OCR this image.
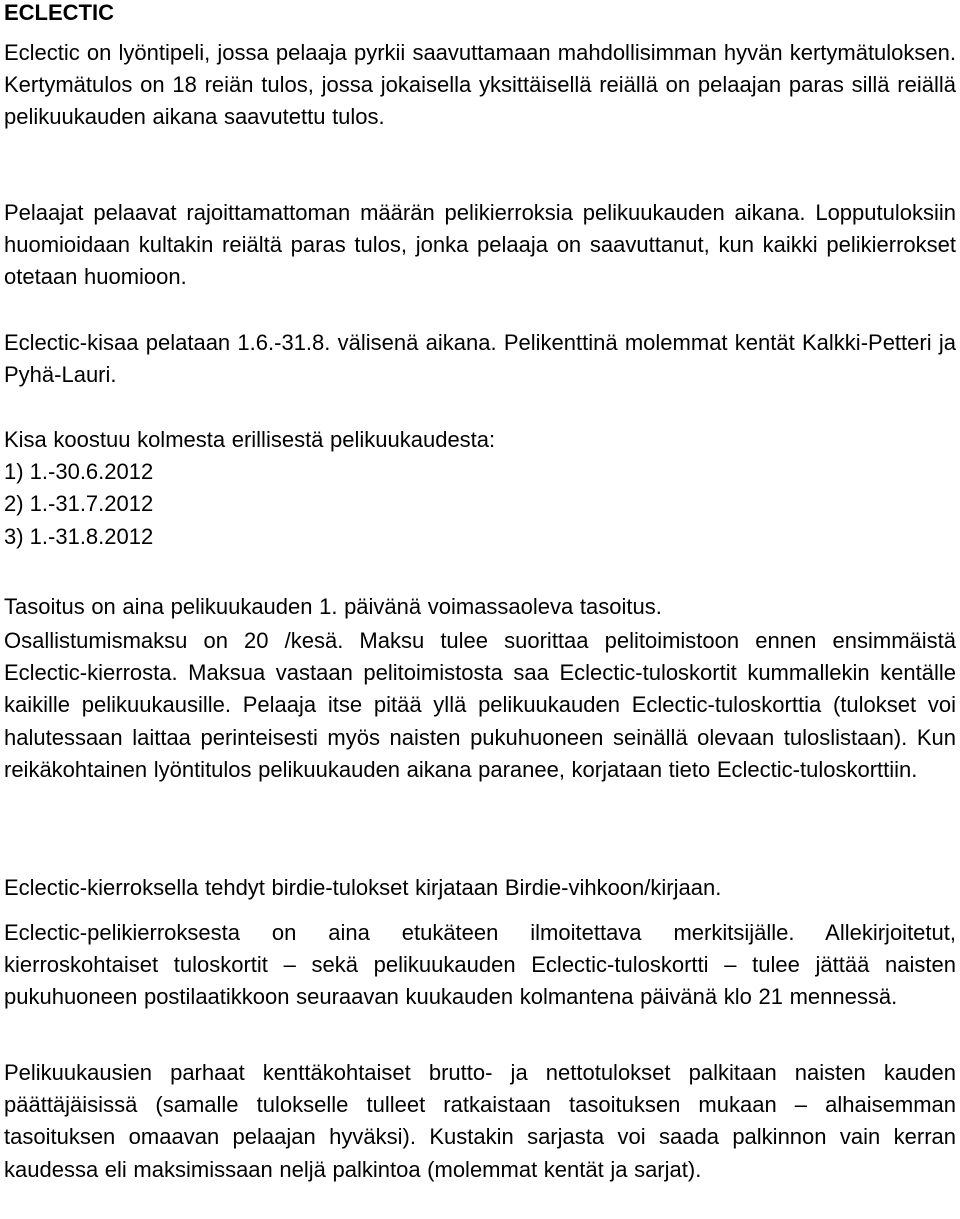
ECLECTIC

Eclectic on lyöntipeli, jossa pelaaja pyrkii saavuttamaan mahdollisimman hyvän kertymätuloksen. Kertymätulos on 18 reiän tulos, jossa jokaisella yksittäisellä reiällä on pelaajan paras sillä reiällä pelikuukauden aikana saavutettu tulos.

Pelaajat pelaavat rajoittamattoman määrän pelikierroksia pelikuukauden aikana. Lopputuloksiin huomioidaan kultakin reiältä paras tulos, jonka pelaaja on saavuttanut, kun kaikki pelikierrokset otetaan huomioon.

Eclectic-kisaa pelataan 1.6.-31.8. välisenä aikana. Pelikenttinä molemmat kentät Kalkki-Petteri ja Pyhä-Lauri.

Kisa koostuu kolmesta erillisestä pelikuukaudesta:

1) 1.-30.6.2012
2) 1.-31.7.2012
3) 1.-31.8.2012

Tasoitus on aina pelikuukauden 1. päivänä voimassaoleva tasoitus.

Osallistumismaksu on 20 /kesä. Maksu tulee suorittaa pelitoimistoon ennen ensimmäistä Eclectic-kierrosta. Maksua vastaan pelitoimistosta saa Eclectic-tuloskortit kummallekin kentälle kaikille pelikuukausille. Pelaaja itse pitää yllä pelikuukauden Eclectic-tuloskorttia (tulokset voi halutessaan laittaa perinteisesti myös naisten pukuhuoneen seinällä olevaan tuloslistaan). Kun reikäkohtainen lyöntitulos pelikuukauden aikana paranee, korjataan tieto Eclectic-tuloskorttiin.

Eclectic-kierroksella tehdyt birdie-tulokset kirjataan Birdie-vihkoon/kirjaan.

Eclectic-pelikierroksesta on aina etukäteen ilmoitettava merkitsijälle. Allekirjoitetut, kierroskohtaiset tuloskortit – sekä pelikuukauden Eclectic-tuloskortti – tulee jättää naisten pukuhuoneen postilaatikkoon seuraavan kuukauden kolmantena päivänä klo 21 mennessä.

Pelikuukausien parhaat kenttäkohtaiset brutto- ja nettotulokset palkitaan naisten kauden päättäjäisissä (samalle tulokselle tulleet ratkaistaan tasoituksen mukaan – alhaisemman tasoituksen omaavan pelaajan hyväksi). Kustakin sarjasta voi saada palkinnon vain kerran kaudessa eli maksimissaan neljä palkintoa (molemmat kentät ja sarjat).
